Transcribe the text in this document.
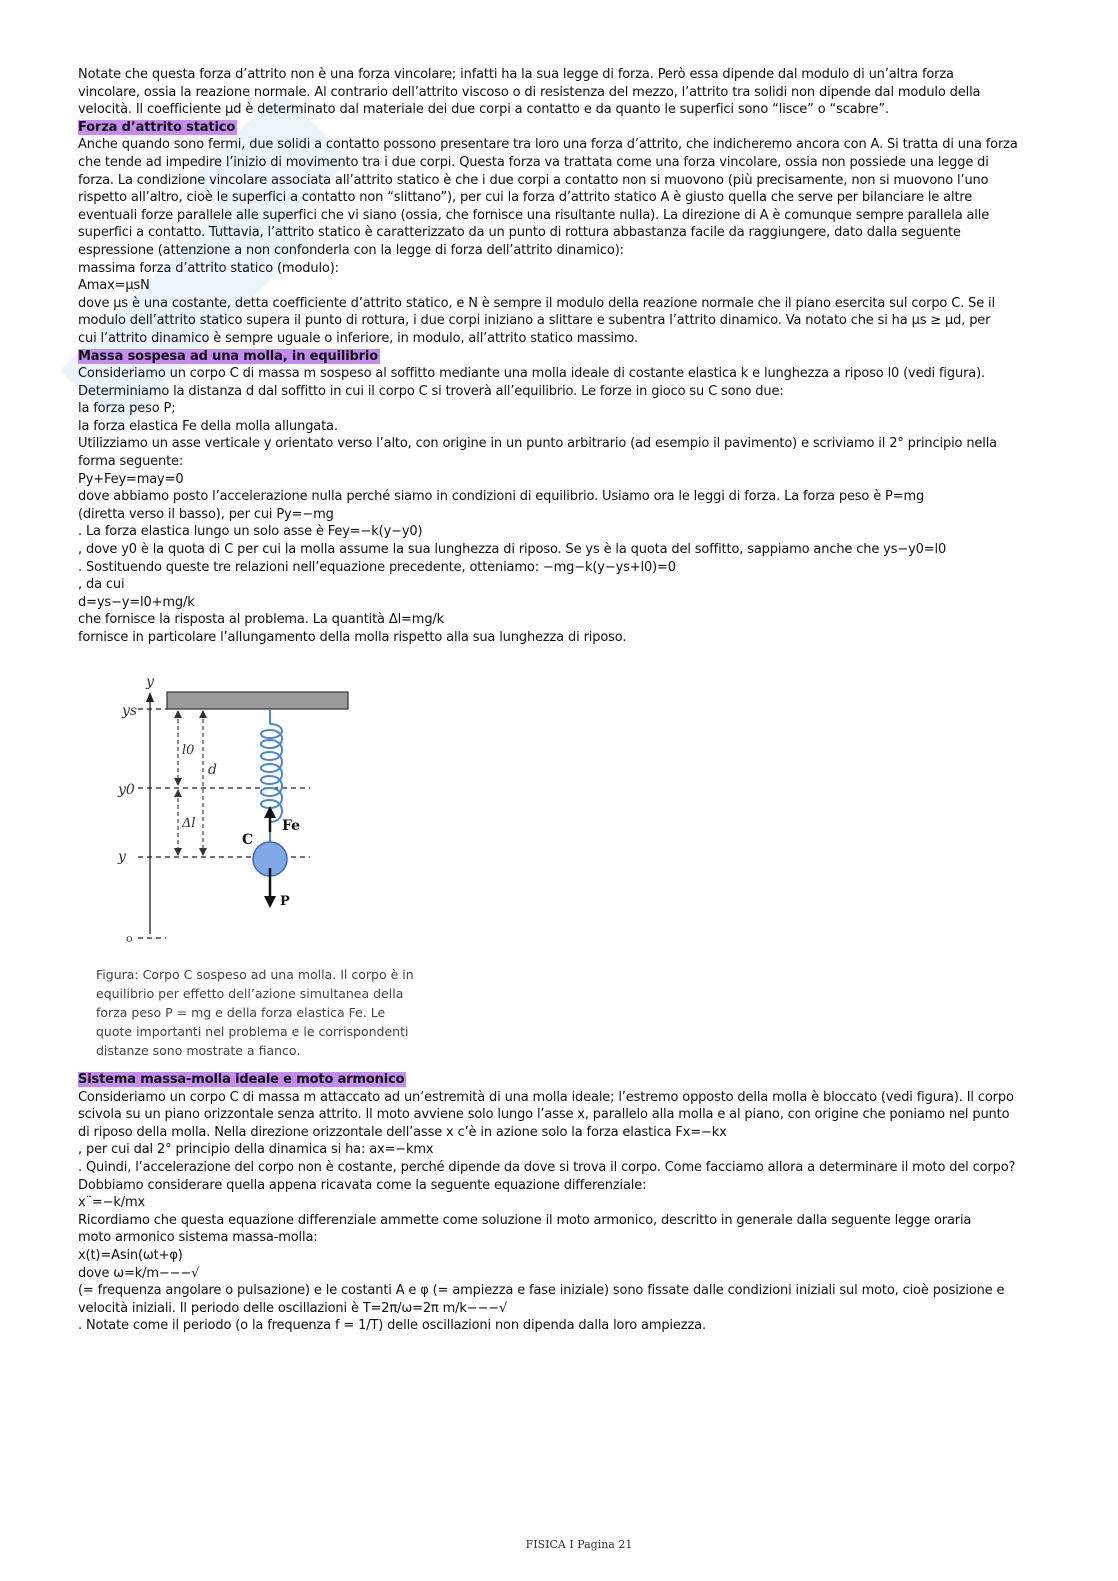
Notate che questa forza d’attrito non è una forza vincolare; infatti ha la sua legge di forza. Però essa dipende dal modulo di un’altra forza

vincolare, ossia la reazione normale. Al contrario dell’attrito viscoso o di resistenza del mezzo, l’attrito tra solidi non dipende dal modulo della

velocità. Il coefficiente μd è determinato dal materiale dei due corpi a contatto e da quanto le superfici sono “lisce” o “scabre”.

Forza d’attrito statico

Anche quando sono fermi, due solidi a contatto possono presentare tra loro una forza d’attrito, che indicheremo ancora con A. Si tratta di una forza

che tende ad impedire l’inizio di movimento tra i due corpi. Questa forza va trattata come una forza vincolare, ossia non possiede una legge di

forza. La condizione vincolare associata all’attrito statico è che i due corpi a contatto non si muovono (più precisamente, non si muovono l’uno

rispetto all’altro, cioè le superfici a contatto non “slittano”), per cui la forza d’attrito statico A è giusto quella che serve per bilanciare le altre

eventuali forze parallele alle superfici che vi siano (ossia, che fornisce una risultante nulla). La direzione di A è comunque sempre parallela alle

superfici a contatto. Tuttavia, l’attrito statico è caratterizzato da un punto di rottura abbastanza facile da raggiungere, dato dalla seguente

espressione (attenzione a non confonderla con la legge di forza dell’attrito dinamico):

massima forza d’attrito statico (modulo):

Amax=μsN

dove μs è una costante, detta coefficiente d’attrito statico, e N è sempre il modulo della reazione normale che il piano esercita sul corpo C. Se il

modulo dell’attrito statico supera il punto di rottura, i due corpi iniziano a slittare e subentra l’attrito dinamico. Va notato che si ha μs ≥ μd, per

cui l’attrito dinamico è sempre uguale o inferiore, in modulo, all’attrito statico massimo.

Massa sospesa ad una molla, in equilibrio

Consideriamo un corpo C di massa m sospeso al soffitto mediante una molla ideale di costante elastica k e lunghezza a riposo l0 (vedi figura).

Determiniamo la distanza d dal soffitto in cui il corpo C si troverà all’equilibrio. Le forze in gioco su C sono due:

la forza peso P;

la forza elastica Fe della molla allungata.

Utilizziamo un asse verticale y orientato verso l’alto, con origine in un punto arbitrario (ad esempio il pavimento) e scriviamo il 2° principio nella

forma seguente:

Py+Fey=may=0

dove abbiamo posto l’accelerazione nulla perché siamo in condizioni di equilibrio. Usiamo ora le leggi di forza. La forza peso è P=mg

(diretta verso il basso), per cui Py=−mg

. La forza elastica lungo un solo asse è Fey=−k(y−y0)

, dove y0 è la quota di C per cui la molla assume la sua lunghezza di riposo. Se ys è la quota del soffitto, sappiamo anche che ys−y0=l0

. Sostituendo queste tre relazioni nell’equazione precedente, otteniamo: −mg−k(y−ys+l0)=0

, da cui

d=ys−y=l0+mg/k

che fornisce la risposta al problema. La quantità Δl=mg/k

fornisce in particolare l’allungamento della molla rispetto alla sua lunghezza di riposo.

y
o
ys
y0
y
l0
d
Δl	Fe
C
P
Figura: Corpo C sospeso ad una molla. Il corpo è in
equilibrio per effetto dell’azione simultanea della
forza peso P = mg e della forza elastica Fe. Le
quote importanti nel problema e le corrispondenti
distanze sono mostrate a fianco.

Sistema massa-molla ideale e moto armonico

Consideriamo un corpo C di massa m attaccato ad un’estremità di una molla ideale; l’estremo opposto della molla è bloccato (vedi figura). Il corpo

scivola su un piano orizzontale senza attrito. Il moto avviene solo lungo l’asse x, parallelo alla molla e al piano, con origine che poniamo nel punto

di riposo della molla. Nella direzione orizzontale dell’asse x c’è in azione solo la forza elastica Fx=−kx

, per cui dal 2° principio della dinamica si ha: ax=−kmx

. Quindi, l’accelerazione del corpo non è costante, perché dipende da dove si trova il corpo. Come facciamo allora a determinare il moto del corpo?

Dobbiamo considerare quella appena ricavata come la seguente equazione differenziale:

x¨=−k/mx

Ricordiamo che questa equazione differenziale ammette come soluzione il moto armonico, descritto in generale dalla seguente legge oraria

moto armonico sistema massa-molla:

x(t)=Asin(ωt+φ)

dove ω=k/m−−−√

(= frequenza angolare o pulsazione) e le costanti A e φ (= ampiezza e fase iniziale) sono fissate dalle condizioni iniziali sul moto, cioè posizione e

velocità iniziali. Il periodo delle oscillazioni è T=2π/ω=2π m/k−−−√

. Notate come il periodo (o la frequenza f = 1/T) delle oscillazioni non dipenda dalla loro ampiezza.

FISICA I Pagina 21
